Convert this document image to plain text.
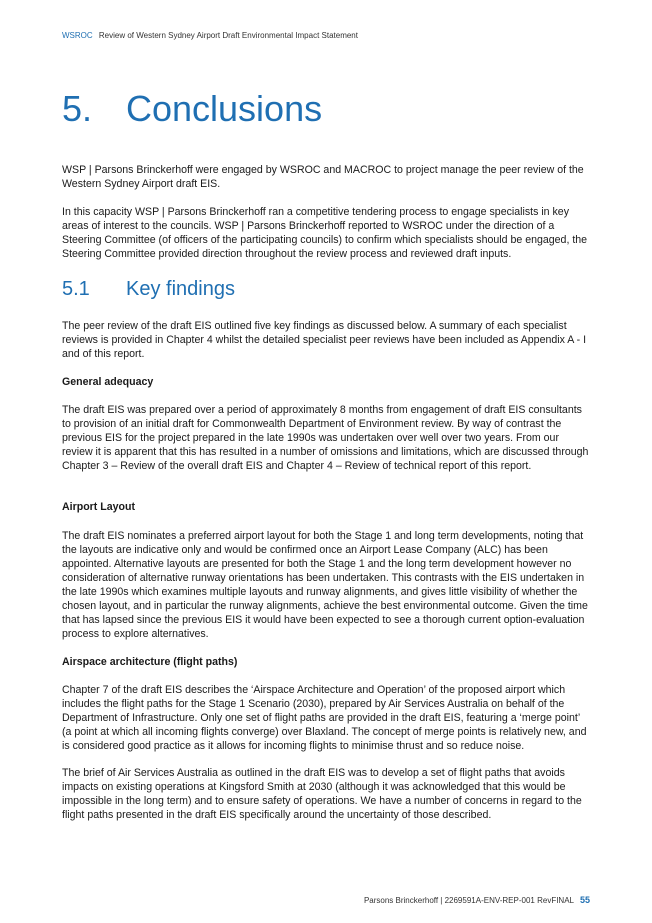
WSROC Review of Western Sydney Airport Draft Environmental Impact Statement
5. Conclusions

WSP | Parsons Brinckerhoff were engaged by WSROC and MACROC to project manage the peer review of the Western Sydney Airport draft EIS.

In this capacity WSP | Parsons Brinckerhoff ran a competitive tendering process to engage specialists in key areas of interest to the councils. WSP | Parsons Brinckerhoff reported to WSROC under the direction of a Steering Committee (of officers of the participating councils) to confirm which specialists should be engaged, the Steering Committee provided direction throughout the review process and reviewed draft inputs.

5.1 Key findings

The peer review of the draft EIS outlined five key findings as discussed below. A summary of each specialist reviews is provided in Chapter 4 whilst the detailed specialist peer reviews have been included as Appendix A - I and of this report.

General adequacy

The draft EIS was prepared over a period of approximately 8 months from engagement of draft EIS consultants to provision of an initial draft for Commonwealth Department of Environment review. By way of contrast the previous EIS for the project prepared in the late 1990s was undertaken over well over two years. From our review it is apparent that this has resulted in a number of omissions and limitations, which are discussed through Chapter 3 – Review of the overall draft EIS and Chapter 4 – Review of technical report of this report.

Airport Layout

The draft EIS nominates a preferred airport layout for both the Stage 1 and long term developments, noting that the layouts are indicative only and would be confirmed once an Airport Lease Company (ALC) has been appointed. Alternative layouts are presented for both the Stage 1 and the long term development however no consideration of alternative runway orientations has been undertaken. This contrasts with the EIS undertaken in the late 1990s which examines multiple layouts and runway alignments, and gives little visibility of whether the chosen layout, and in particular the runway alignments, achieve the best environmental outcome. Given the time that has lapsed since the previous EIS it would have been expected to see a thorough current option-evaluation process to explore alternatives.

Airspace architecture (flight paths)

Chapter 7 of the draft EIS describes the ‘Airspace Architecture and Operation’ of the proposed airport which includes the flight paths for the Stage 1 Scenario (2030), prepared by Air Services Australia on behalf of the Department of Infrastructure. Only one set of flight paths are provided in the draft EIS, featuring a ‘merge point’ (a point at which all incoming flights converge) over Blaxland. The concept of merge points is relatively new, and is considered good practice as it allows for incoming flights to minimise thrust and so reduce noise.

The brief of Air Services Australia as outlined in the draft EIS was to develop a set of flight paths that avoids impacts on existing operations at Kingsford Smith at 2030 (although it was acknowledged that this would be impossible in the long term) and to ensure safety of operations. We have a number of concerns in regard to the flight paths presented in the draft EIS specifically around the uncertainty of those described.

Parsons Brinckerhoff | 2269591A-ENV-REP-001 RevFINAL 55
